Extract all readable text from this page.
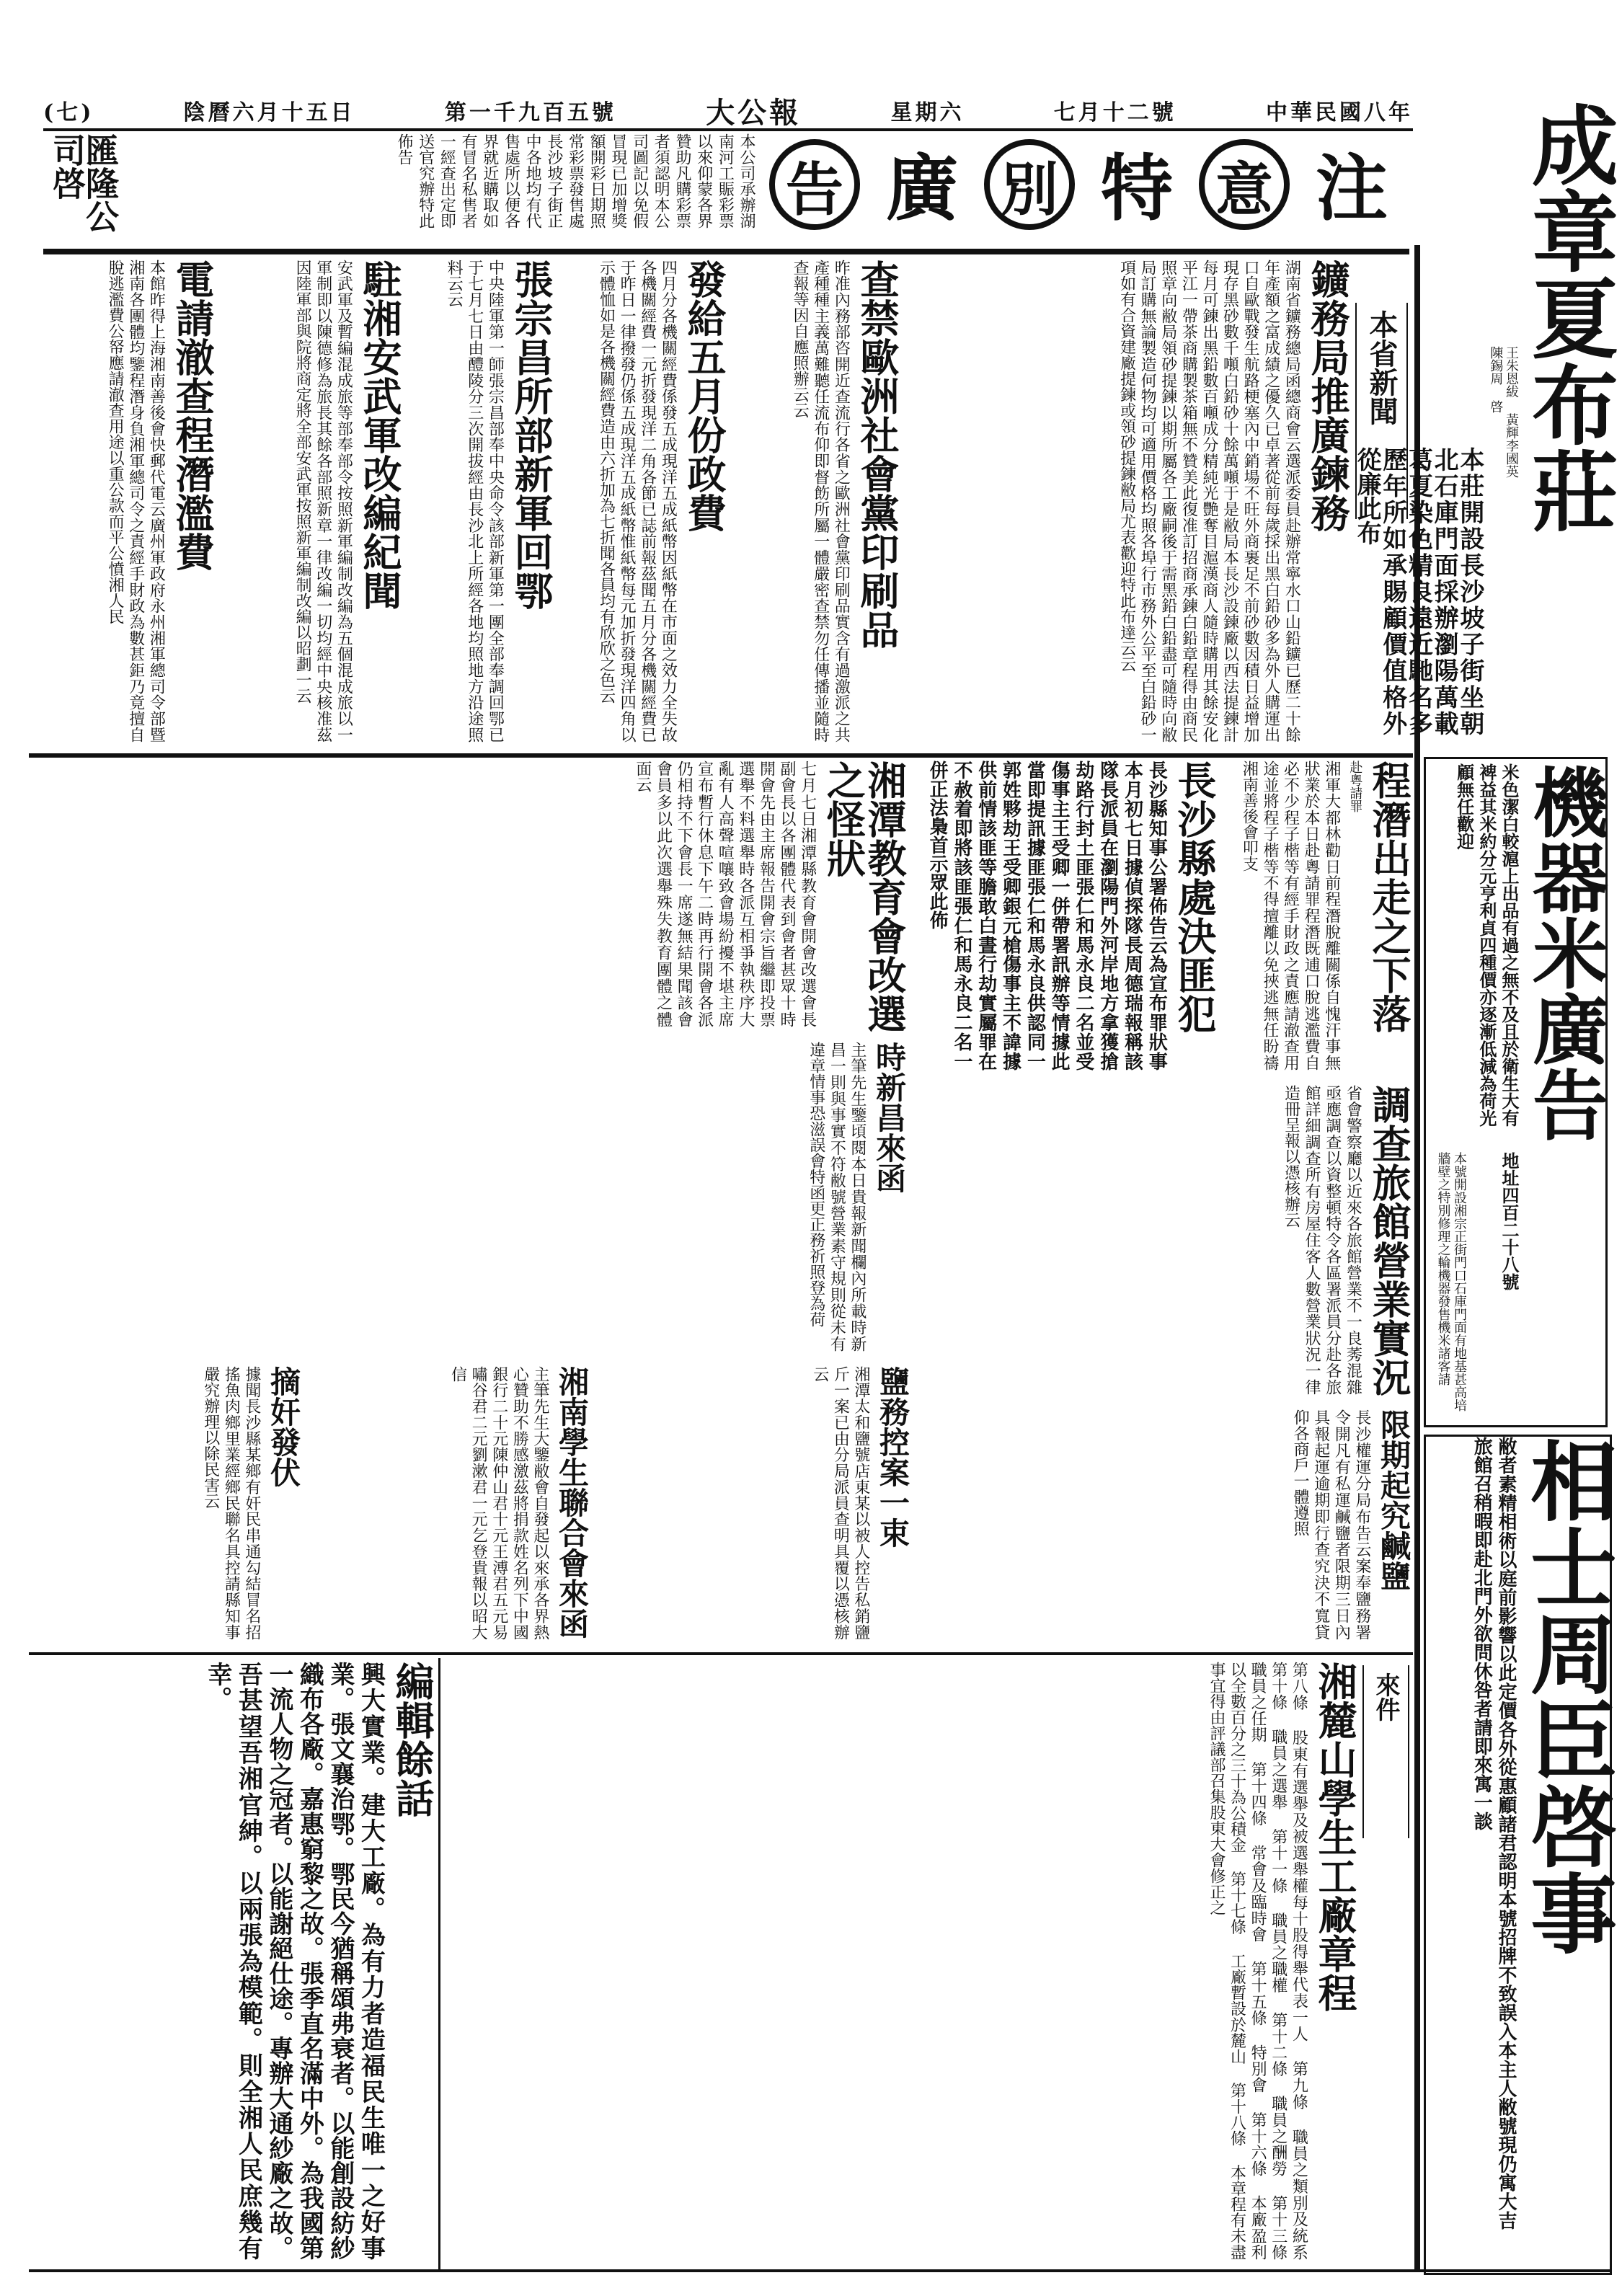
(七)	陰曆六月十五日	第一千九百五號	大公報	星期六	七月十二號	中華民國八年
注
意
特
別
廣
告
本公司承辦湖南河工賑彩票以來仰蒙各界贊助凡購彩票者須認明本公司圖記以免假冒現已加增獎額開彩日期照常彩票發售處長沙坡子街正中各地均有代售處所以便各界就近購取如有冒名私售者一經查出定即送官究辦特此佈告
匯隆公司啓	成章夏布莊
王朱恩紱 黃輝李國英 陳錫周 啓
本莊開設長沙坡子街坐朝北石庫門面採辦瀏陽萬載葛夏染色精良遠近馳名多歷年所如承賜顧價值格外從廉此布
機器米廣告
米色潔白較滬上出品有過之無不及且於衛生大有裨益其米約分元亨利貞四種價亦逐漸低減為荷光顧無任歡迎
地址四百二十八號
本號開設湘宗正街門口石庫門面有地基甚高培牆壁之特別修理之輪機器發售機米諸客請
相士周臣啓事
敝者素精相術以庭前影響以此定價各外從惠顧諸君認明本號招牌不致誤入本主人敝號現仍寓大吉旅館召稍暇即赴北門外欲問休咎者請即來寓一談
本省新聞
鑛務局推廣鍊務
湖南省鑛務總局函總商會云選派委員赴辦常寧水口山鉛鑛已歷二十餘年產額之富成績之優久已卓著從前每歲採出黑白鉛砂多為外人購運出口自歐戰發生航路梗塞內中銷場不旺外商裹足不前砂數因積日益增加現存黑砂數千噸白鉛砂十餘萬噸于是敝局本長沙設鍊廠以西法提鍊計每月可鍊出黑鉛數百噸成分精純光艷奪目滬漢商人隨時購用其餘安化平江一帶茶商購製茶箱無不贊美此復准訂招商承鍊白鉛章程得由商民照章向敝局領砂提鍊以期所屬各工廠嗣後于需黑鉛白鉛盡可隨時向敝局訂購無論製造何物均可適用價格均照各埠行市務外公平至白鉛砂一項如有合資建廠提鍊或領砂提鍊敝局尤表歡迎特此布達云云
查禁歐洲社會黨印刷品
昨准內務部咨開近查流行各省之歐洲社會黨印刷品實含有過激派之共產種種主義萬難聽任流布仰即督飭所屬一體嚴密查禁勿任傳播並隨時查報等因自應照辦云云
發給五月份政費
四月分各機關經費係發五成現洋五成紙幣因紙幣在市面之效力全失故各機關經費一元折發現洋二角各節已誌前報茲聞五月分各機關經費已于昨日一律撥發仍係五成現洋五成紙幣惟紙幣每元加折發現洋四角以示體恤如是各機關經費造由六折加為七折聞各員均有欣欣之色云
張宗昌所部新軍回鄂
中央陸軍第一師張宗昌部奉中央命令該部新軍第一團全部奉調回鄂已于七月七日由醴陵分三次開拔經由長沙北上所經各地均照地方沿途照料云云
駐湘安武軍改編紀聞
安武軍及暫編混成旅等部奉部令按照新軍編制改編為五個混成旅以一軍制即以陳德修為旅長其餘各部照新章一律改編一切均經中央核准茲因陸軍部與院將商定將全部安武軍按照新軍編制改編以昭劃一云
電請澈查程潛濫費
本館昨得上海湘南善後會快郵代電云廣州軍政府永州湘軍總司令部暨湘南各團體均鑒程潛身負湘軍總司令之責經手財政為數甚鉅乃竟擅自脫逃濫費公帑應請澈查用途以重公款而平公憤湘人民
程潛出走之下落
赴粵請罪
湘軍大都林勸日前程潛脫離關係自愧汗事無狀業於本日赴粵請罪程潛既逋口脫逃濫費自必不少程子楷等有經手財政之責應請澈查用途並將程子楷等不得擅離以免挾逃無任盼禱湘南善後會叩支
長沙縣處決匪犯
長沙縣知事公署佈告云為宣布罪狀事本月初七日據偵探隊長周德瑞報稱該隊長派員在瀏陽門外河岸地方拿獲搶劫路行封土匪張仁和馬永良二名並受傷事主王受卿一併帶署訊辦等情據此當即提訊據匪張仁和馬永良供認同一郭姓夥劫王受卿銀元槍傷事主不諱據供前情該匪等膽敢白晝行劫實屬罪在不赦着即將該匪張仁和馬永良二名一併正法梟首示眾此佈
湘潭教育會改選之怪狀
七月七日湘潭縣教育會開會改選會長副會長以各團體代表到會者甚眾十時開會先由主席報告開會宗旨繼即投票選舉不料選舉時各派互相爭執秩序大亂有人高聲喧嚷致會場紛擾不堪主席宣布暫行休息下午二時再行開會各派仍相持不下會長一席遂無結果聞該會會員多以此次選舉殊失教育團體之體面云
調查旅館營業實況
省會警察廳以近來各旅館營業不一良莠混雜亟應調查以資整頓特令各區署派員分赴各旅館詳細調查所有房屋住客人數營業狀況一律造冊呈報以憑核辦云
時新昌來函
主筆先生鑒頃閱本日貴報新聞欄內所載時新昌一則與事實不符敝號營業素守規則從未有違章情事恐滋誤會特函更正務祈照登為荷
限期起究鹹鹽
長沙權運分局布告云案奉鹽務署令開凡有私運鹹鹽者限期三日內具報起運逾期即行查究決不寬貸仰各商戶一體遵照
鹽務控案一束
湘潭太和鹽號店東某以被人控告私銷鹽斤一案已由分局派員查明具覆以憑核辦云
湘南學生聯合會來函
主筆先生大鑒敝會自發起以來承各界熱心贊助不勝感激茲將捐款姓名列下中國銀行二十元陳仲山君十元王溥君五元易嘯谷君二元劉漱君一元乞登貴報以昭大信
摘奸發伏
據聞長沙縣某鄉有奸民串通勾結冒名招搖魚肉鄉里業經鄉民聯名具控請縣知事嚴究辦理以除民害云
來件
湘麓山學生工廠章程
第八條 股東有選舉及被選舉權每十股得舉代表一人 第九條 職員之類別及統系 第十條 職員之選舉 第十一條 職員之職權 第十二條 職員之酬勞 第十三條 職員之任期 第十四條 常會及臨時會 第十五條 特別會 第十六條 本廠盈利以全數百分之三十為公積金 第十七條 工廠暫設於麓山 第十八條 本章程有未盡事宜得由評議部召集股東大會修正之
編輯餘話
興大實業。建大工廠。為有力者造福民生唯一之好事業。張文襄治鄂。鄂民今猶稱頌弗衰者。以能創設紡紗織布各廠。嘉惠窮黎之故。張季直名滿中外。為我國第一流人物之冠者。以能謝絕仕途。專辦大通紗廠之故。吾甚望吾湘官紳。以兩張為模範。則全湘人民庶幾有幸。
